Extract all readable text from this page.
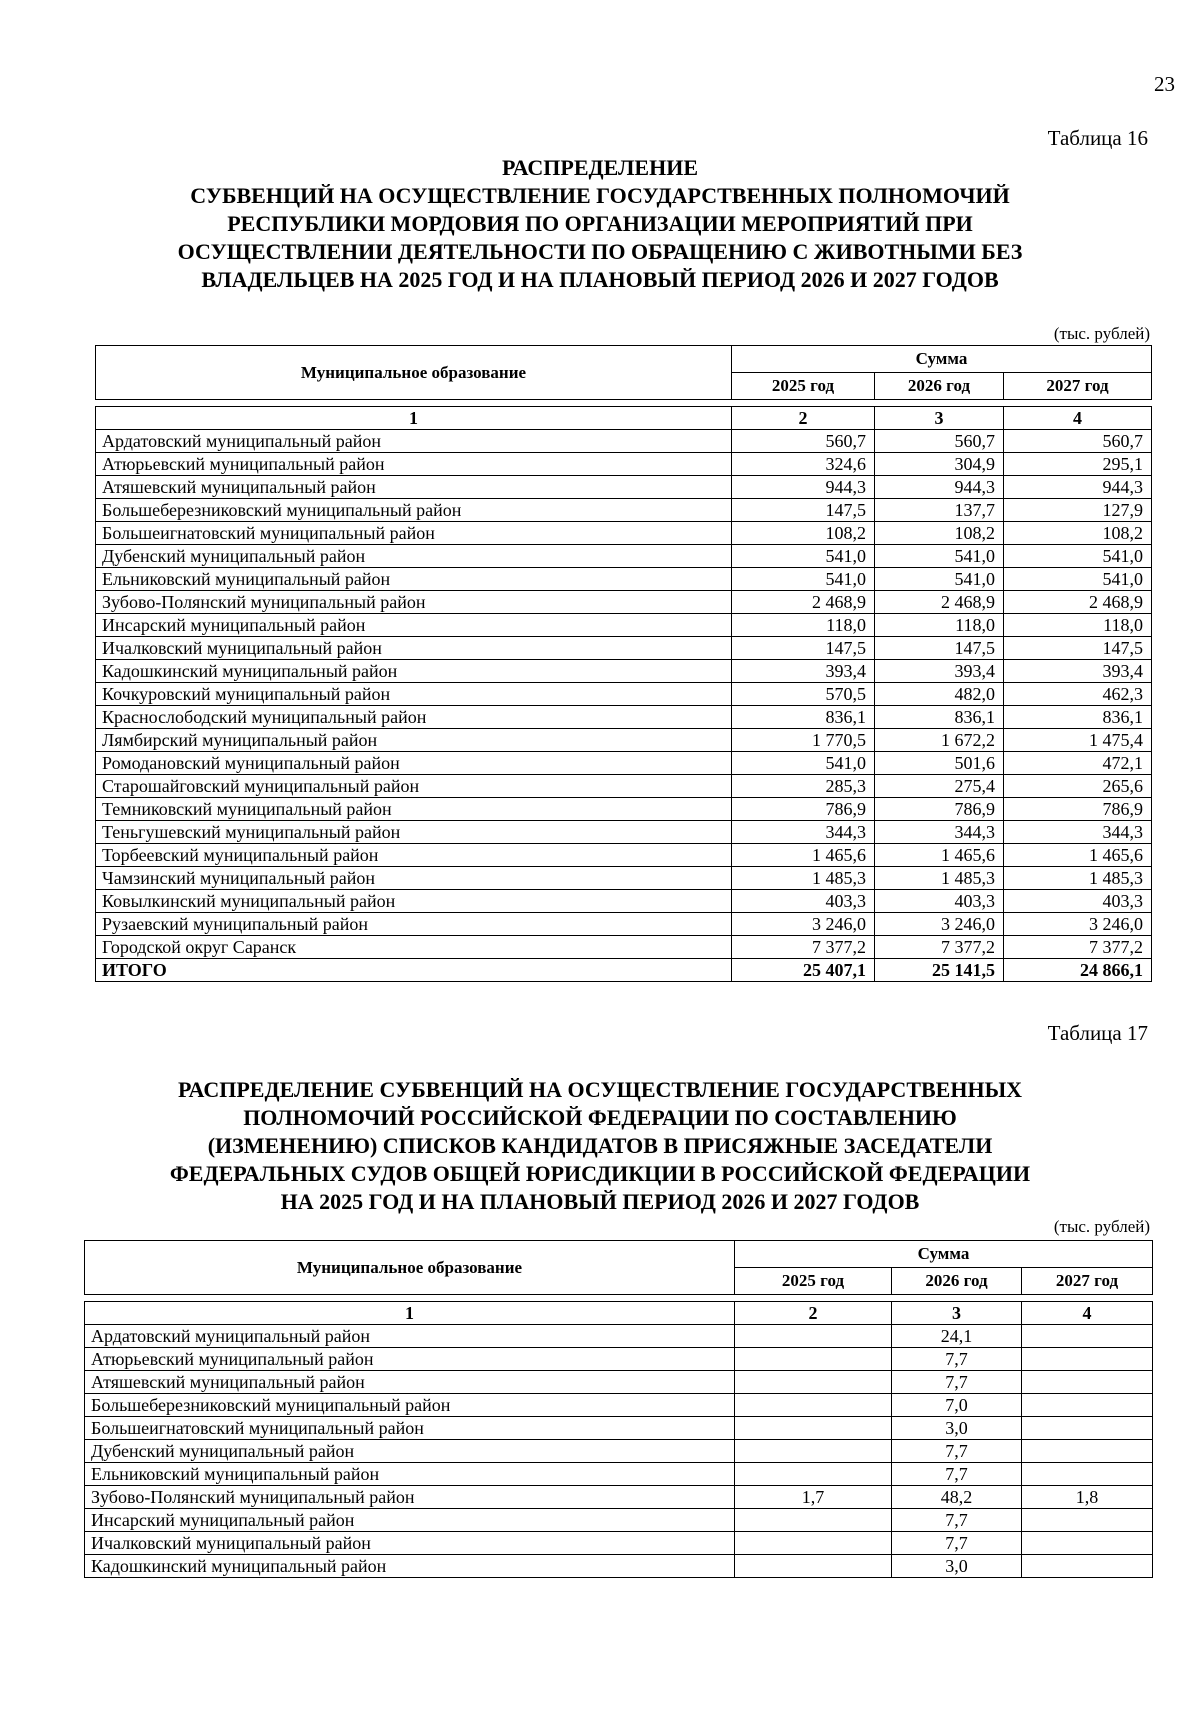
23
Таблица 16
РАСПРЕДЕЛЕНИЕ
СУБВЕНЦИЙ НА ОСУЩЕСТВЛЕНИЕ ГОСУДАРСТВЕННЫХ ПОЛНОМОЧИЙ
РЕСПУБЛИКИ МОРДОВИЯ ПО ОРГАНИЗАЦИИ МЕРОПРИЯТИЙ ПРИ
ОСУЩЕСТВЛЕНИИ ДЕЯТЕЛЬНОСТИ ПО ОБРАЩЕНИЮ С ЖИВОТНЫМИ БЕЗ
ВЛАДЕЛЬЦЕВ НА 2025 ГОД И НА ПЛАНОВЫЙ ПЕРИОД 2026 И 2027 ГОДОВ
(тыс. рублей)
Муниципальное образование	Сумма		
	2025 год	2026 год	2027 год

1	2	3	4
Ардатовский муниципальный район	560,7	560,7	560,7
Атюрьевский муниципальный район	324,6	304,9	295,1
Атяшевский муниципальный район	944,3	944,3	944,3
Большеберезниковский муниципальный район	147,5	137,7	127,9
Большеигнатовский муниципальный район	108,2	108,2	108,2
Дубенский муниципальный район	541,0	541,0	541,0
Ельниковский муниципальный район	541,0	541,0	541,0
Зубово-Полянский муниципальный район	2 468,9	2 468,9	2 468,9
Инсарский муниципальный район	118,0	118,0	118,0
Ичалковский муниципальный район	147,5	147,5	147,5
Кадошкинский муниципальный район	393,4	393,4	393,4
Кочкуровский муниципальный район	570,5	482,0	462,3
Краснослободский муниципальный район	836,1	836,1	836,1
Лямбирский муниципальный район	1 770,5	1 672,2	1 475,4
Ромодановский муниципальный район	541,0	501,6	472,1
Старошайговский муниципальный район	285,3	275,4	265,6
Темниковский муниципальный район	786,9	786,9	786,9
Теньгушевский муниципальный район	344,3	344,3	344,3
Торбеевский муниципальный район	1 465,6	1 465,6	1 465,6
Чамзинский муниципальный район	1 485,3	1 485,3	1 485,3
Ковылкинский муниципальный район	403,3	403,3	403,3
Рузаевский муниципальный район	3 246,0	3 246,0	3 246,0
Городской округ Саранск	7 377,2	7 377,2	7 377,2
ИТОГО	25 407,1	25 141,5	24 866,1
Таблица 17
РАСПРЕДЕЛЕНИЕ СУБВЕНЦИЙ НА ОСУЩЕСТВЛЕНИЕ ГОСУДАРСТВЕННЫХ
ПОЛНОМОЧИЙ РОССИЙСКОЙ ФЕДЕРАЦИИ ПО СОСТАВЛЕНИЮ
(ИЗМЕНЕНИЮ) СПИСКОВ КАНДИДАТОВ В ПРИСЯЖНЫЕ ЗАСЕДАТЕЛИ
ФЕДЕРАЛЬНЫХ СУДОВ ОБЩЕЙ ЮРИСДИКЦИИ В РОССИЙСКОЙ ФЕДЕРАЦИИ
НА 2025 ГОД И НА ПЛАНОВЫЙ ПЕРИОД 2026 И 2027 ГОДОВ
(тыс. рублей)
Муниципальное образование	Сумма		
	2025 год	2026 год	2027 год

1	2	3	4
Ардатовский муниципальный район		24,1	
Атюрьевский муниципальный район		7,7	
Атяшевский муниципальный район		7,7	
Большеберезниковский муниципальный район		7,0	
Большеигнатовский муниципальный район		3,0	
Дубенский муниципальный район		7,7	
Ельниковский муниципальный район		7,7	
Зубово-Полянский муниципальный район	1,7	48,2	1,8
Инсарский муниципальный район		7,7	
Ичалковский муниципальный район		7,7	
Кадошкинский муниципальный район		3,0	
